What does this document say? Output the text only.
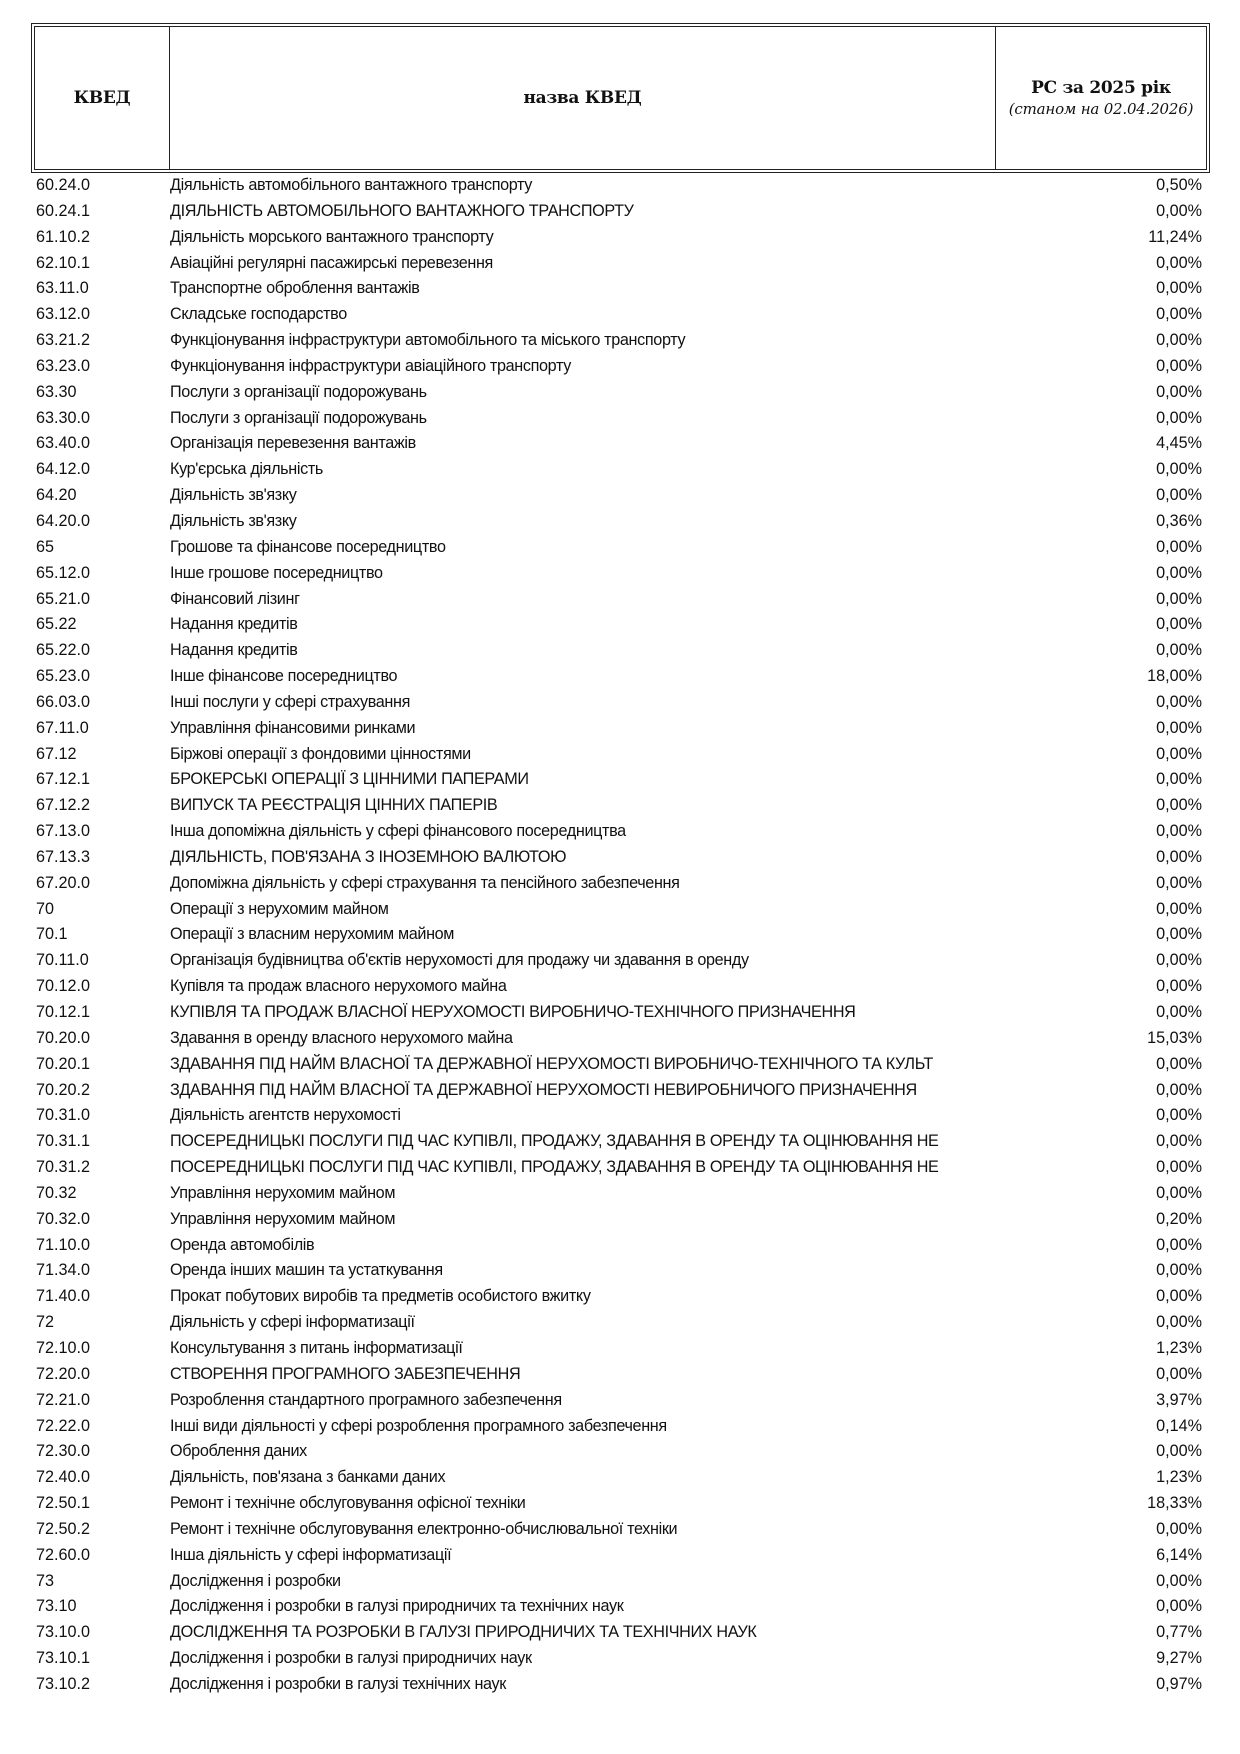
КВЕД	назва КВЕД	РС за 2025 рік
(станом на 02.04.2026)
60.24.0	Діяльність автомобільного вантажного транспорту	0,50%
60.24.1	ДІЯЛЬНІСТЬ АВТОМОБІЛЬНОГО ВАНТАЖНОГО ТРАНСПОРТУ	0,00%
61.10.2	Діяльність морського вантажного транспорту	11,24%
62.10.1	Авіаційні регулярні пасажирські перевезення	0,00%
63.11.0	Транспортне оброблення вантажів	0,00%
63.12.0	Складське господарство	0,00%
63.21.2	Функціонування інфраструктури автомобільного та міського транспорту	0,00%
63.23.0	Функціонування інфраструктури авіаційного транспорту	0,00%
63.30	Послуги з організації подорожувань	0,00%
63.30.0	Послуги з організації подорожувань	0,00%
63.40.0	Організація перевезення вантажів	4,45%
64.12.0	Кур'єрська діяльність	0,00%
64.20	Діяльність зв'язку	0,00%
64.20.0	Діяльність зв'язку	0,36%
65	Грошове та фінансове посередництво	0,00%
65.12.0	Інше грошове посередництво	0,00%
65.21.0	Фінансовий лізинг	0,00%
65.22	Надання кредитів	0,00%
65.22.0	Надання кредитів	0,00%
65.23.0	Інше фінансове посередництво	18,00%
66.03.0	Інші послуги у сфері страхування	0,00%
67.11.0	Управління фінансовими ринками	0,00%
67.12	Біржові операції з фондовими цінностями	0,00%
67.12.1	БРОКЕРСЬКІ ОПЕРАЦІЇ З ЦІННИМИ ПАПЕРАМИ	0,00%
67.12.2	ВИПУСК ТА РЕЄСТРАЦІЯ ЦІННИХ ПАПЕРІВ	0,00%
67.13.0	Інша допоміжна діяльність у сфері фінансового посередництва	0,00%
67.13.3	ДІЯЛЬНІСТЬ, ПОВ'ЯЗАНА З ІНОЗЕМНОЮ ВАЛЮТОЮ	0,00%
67.20.0	Допоміжна діяльність у сфері страхування та пенсійного забезпечення	0,00%
70	Операції з нерухомим майном	0,00%
70.1	Операції з власним нерухомим майном	0,00%
70.11.0	Організація будівництва об'єктів нерухомості для продажу чи здавання в оренду	0,00%
70.12.0	Купівля та продаж власного нерухомого майна	0,00%
70.12.1	КУПІВЛЯ ТА ПРОДАЖ ВЛАСНОЇ НЕРУХОМОСТІ ВИРОБНИЧО-ТЕХНІЧНОГО ПРИЗНАЧЕННЯ	0,00%
70.20.0	Здавання в оренду власного нерухомого майна	15,03%
70.20.1	ЗДАВАННЯ ПІД НАЙМ ВЛАСНОЇ ТА ДЕРЖАВНОЇ НЕРУХОМОСТІ ВИРОБНИЧО-ТЕХНІЧНОГО ТА КУЛЬТ	0,00%
70.20.2	ЗДАВАННЯ ПІД НАЙМ ВЛАСНОЇ ТА ДЕРЖАВНОЇ НЕРУХОМОСТІ НЕВИРОБНИЧОГО ПРИЗНАЧЕННЯ	0,00%
70.31.0	Діяльність агентств нерухомості	0,00%
70.31.1	ПОСЕРЕДНИЦЬКІ ПОСЛУГИ ПІД ЧАС КУПІВЛІ, ПРОДАЖУ, ЗДАВАННЯ В ОРЕНДУ ТА ОЦІНЮВАННЯ НЕ	0,00%
70.31.2	ПОСЕРЕДНИЦЬКІ ПОСЛУГИ ПІД ЧАС КУПІВЛІ, ПРОДАЖУ, ЗДАВАННЯ В ОРЕНДУ ТА ОЦІНЮВАННЯ НЕ	0,00%
70.32	Управління нерухомим майном	0,00%
70.32.0	Управління нерухомим майном	0,20%
71.10.0	Оренда автомобілів	0,00%
71.34.0	Оренда інших машин та устаткування	0,00%
71.40.0	Прокат побутових виробів та предметів особистого вжитку	0,00%
72	Діяльність у сфері інформатизації	0,00%
72.10.0	Консультування з питань інформатизації	1,23%
72.20.0	СТВОРЕННЯ ПРОГРАМНОГО ЗАБЕЗПЕЧЕННЯ	0,00%
72.21.0	Розроблення стандартного програмного забезпечення	3,97%
72.22.0	Інші види діяльності у сфері розроблення програмного забезпечення	0,14%
72.30.0	Оброблення даних	0,00%
72.40.0	Діяльність, пов'язана з банками даних	1,23%
72.50.1	Ремонт і технічне обслуговування офісної техніки	18,33%
72.50.2	Ремонт і технічне обслуговування електронно-обчислювальної техніки	0,00%
72.60.0	Інша діяльність у сфері інформатизації	6,14%
73	Дослідження і розробки	0,00%
73.10	Дослідження і розробки в галузі природничих та технічних наук	0,00%
73.10.0	ДОСЛІДЖЕННЯ ТА РОЗРОБКИ В ГАЛУЗІ ПРИРОДНИЧИХ ТА ТЕХНІЧНИХ НАУК	0,77%
73.10.1	Дослідження і розробки в галузі природничих наук	9,27%
73.10.2	Дослідження і розробки в галузі технічних наук	0,97%
